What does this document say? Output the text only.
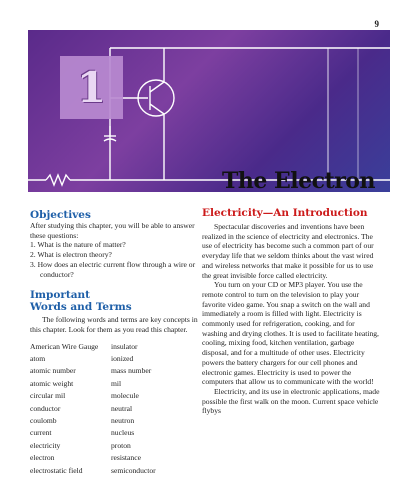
9
1
The Electron
Objectives

After studying this chapter, you will be able to answer these questions:

1. What is the nature of matter?
2. What is electron theory?
3. How does an electric current flow through a wire or conductor?
Important
Words and Terms

The following words and terms are key concepts in this chapter. Look for them as you read this chapter.

American Wire Gauge	insulator
atom	ionized
atomic number	mass number
atomic weight	mil
circular mil	molecule
conductor	neutral
coulomb	neutron
current	nucleus
electricity	proton
electron	resistance
electrostatic field	semiconductor
Electricity—An Introduction

Spectacular discoveries and inventions have been realized in the science of electricity and electronics. The use of electricity has become such a common part of our everyday life that we seldom thinks about the vast wired and wireless networks that make it possible for us to use the great invisible force called electricity.

You turn on your CD or MP3 player. You use the remote control to turn on the television to play your favorite video game. You snap a switch on the wall and immediately a room is filled with light. Electricity is commonly used for refrigeration, cooking, and for washing and drying clothes. It is used to facilitate heating, cooling, mixing food, kitchen ventilation, garbage disposal, and for a multitude of other uses. Electricity powers the battery chargers for our cell phones and electronic games. Electricity is used to power the computers that allow us to communicate with the world!

Electricity, and its use in electronic applications, made possible the first walk on the moon. Current space vehicle flybys
